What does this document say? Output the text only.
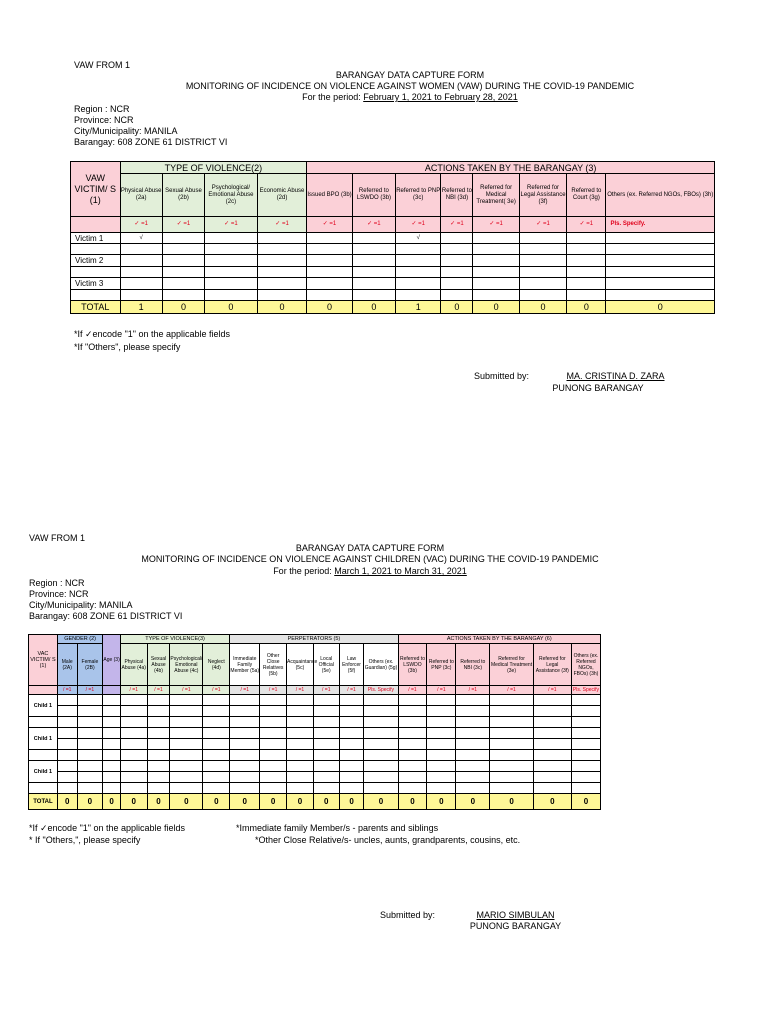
VAW FROM 1
BARANGAY DATA CAPTURE FORM
MONITORING OF INCIDENCE ON VIOLENCE AGAINST WOMEN (VAW) DURING THE COVID-19 PANDEMIC
For the period: February 1, 2021 to February 28, 2021
Region : NCR
Province: NCR
City/Municipality: MANILA
Barangay: 608 ZONE 61 DISTRICT VI
VAW VICTIM/ S (1)	TYPE OF VIOLENCE(2)				ACTIONS TAKEN BY THE BARANGAY (3)							
	Physical Abuse (2a)	Sexual Abuse (2b)	Psychological/ Emotional Abuse (2c)	Economic Abuse (2d)	Issued BPO (3b)	Referred to LSWDO (3b)	Referred to PNP (3c)	Referred to NBI (3d)	Referred for Medical Treatment( 3e)	Referred for Legal Assistance (3f)	Referred to Court (3g)	Others (ex. Referred NGOs, FBOs) (3h)
	✓ =1	✓ =1	✓ =1	✓ =1	✓ =1	✓ =1	✓ =1	✓ =1	✓ =1	✓ =1	✓ =1	Pls. Specify.
Victim 1	√						√					

Victim 2												

Victim 3												

TOTAL	1	0	0	0	0	0	1	0	0	0	0	0
*If ✓encode "1" on the applicable fields
*If "Others", please specify
Submitted by:	MA. CRISTINA D. ZARA
PUNONG BARANGAY
VAW FROM 1
BARANGAY DATA CAPTURE FORM
MONITORING OF INCIDENCE ON VIOLENCE AGAINST CHILDREN (VAC) DURING THE COVID-19 PANDEMIC
For the period: March 1, 2021 to March 31, 2021
Region : NCR
Province: NCR
City/Municipality: MANILA
Barangay: 608 ZONE 61 DISTRICT VI
VAC VICTIM/ S (1)	GENDER (2)		Age (3)	TYPE OF VIOLENCE(3)				PERPETRATORS (5)						ACTIONS TAKEN BY THE BARANGAY (6)					
	Male (2A)	Female (2B)		Physical Abuse (4a)	Sexual Abuse (4b)	Psychological/ Emotional Abuse (4c)	Neglect (4d)	Immediate Family Member (5a)	Other Close Relatives (5b)	Acquaintance (5c)	Local Official (5e)	Law Enforcer (5f)	Others (ex. Guardian) (5g)	Referred to LSWDO (3b)	Referred to PNP (3c)	Referred to NBI (3c)	Referred for Medical Treatment (3e)	Referred for Legal Assistance (3f)	Others (ex. Referred NGOs, FBOs) (3h)
	/ =1	/ =1		/ =1	/ =1	/ =1	/ =1	/ =1	/ =1	/ =1	/ =1	/ =1	Pls. Specify	/ =1	/ =1	/ =1	/ =1	/ =1	Pls. Specify
Child 1																			

Child 1																			

Child 1																			

TOTAL	0	0	0	0	0	0	0	0	0	0	0	0	0	0	0	0	0	0	0
*If ✓encode "1" on the applicable fields
* If "Others,", please specify
*Immediate family Member/s - parents and siblings
*Other Close Relative/s- uncles, aunts, grandparents, cousins, etc.
Submitted by:	MARIO SIMBULAN
PUNONG BARANGAY
